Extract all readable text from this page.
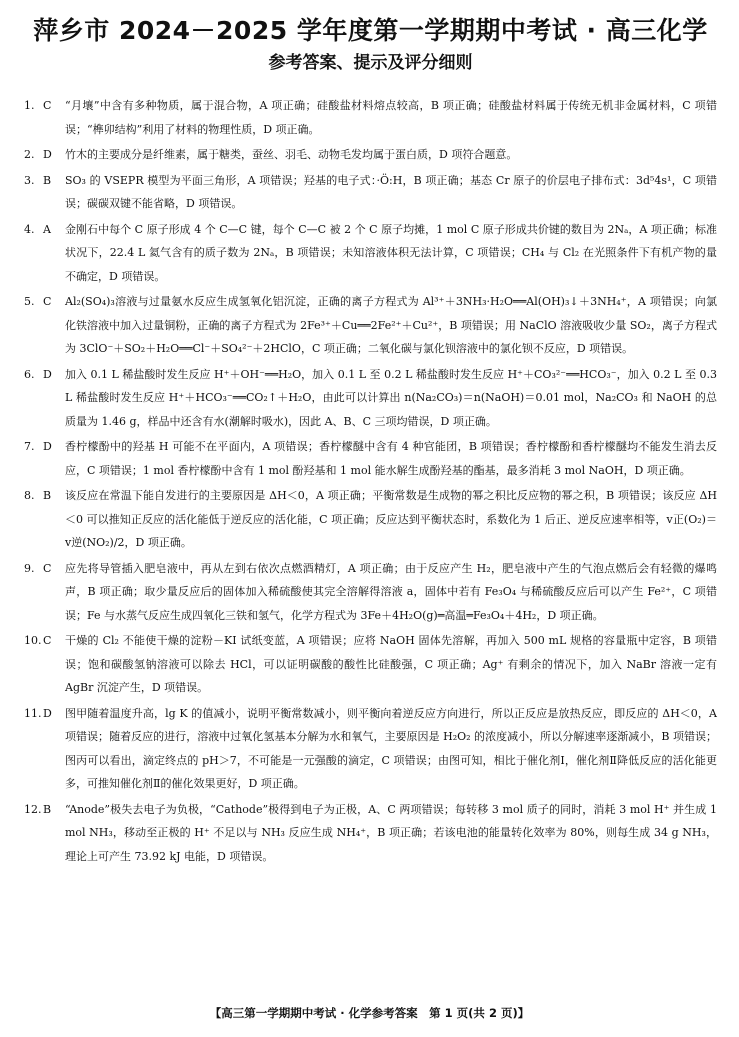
萍乡市 2024－2025 学年度第一学期期中考试 · 高三化学
参考答案、提示及评分细则
1. C	“月壤”中含有多种物质，属于混合物，A 项正确；硅酸盐材料熔点较高，B 项正确；硅酸盐材料属于传统无机非金属材料，C 项错误；“榫卯结构”利用了材料的物理性质，D 项正确。
2. D	竹木的主要成分是纤维素，属于糖类，蚕丝、羽毛、动物毛发均属于蛋白质，D 项符合题意。
3. B	SO₃ 的 VSEPR 模型为平面三角形，A 项错误；羟基的电子式：·Ö:H，B 项正确；基态 Cr 原子的价层电子排布式：3d⁵4s¹，C 项错误；碳碳双键不能省略，D 项错误。
4. A	金刚石中每个 C 原子形成 4 个 C—C 键，每个 C—C 被 2 个 C 原子均摊，1 mol C 原子形成共价键的数目为 2Nₐ，A 项正确；标准状况下，22.4 L 氦气含有的质子数为 2Nₐ，B 项错误；未知溶液体积无法计算，C 项错误；CH₄ 与 Cl₂ 在光照条件下有机产物的量不确定，D 项错误。
5. C	Al₂(SO₄)₃溶液与过量氨水反应生成氢氧化铝沉淀，正确的离子方程式为 Al³⁺＋3NH₃·H₂O══Al(OH)₃↓＋3NH₄⁺，A 项错误；向氯化铁溶液中加入过量铜粉，正确的离子方程式为 2Fe³⁺＋Cu══2Fe²⁺＋Cu²⁺，B 项错误；用 NaClO 溶液吸收少量 SO₂，离子方程式为 3ClO⁻＋SO₂＋H₂O══Cl⁻＋SO₄²⁻＋2HClO，C 项正确；二氧化碳与氯化钡溶液中的氯化钡不反应，D 项错误。
6. D	加入 0.1 L 稀盐酸时发生反应 H⁺＋OH⁻══H₂O，加入 0.1 L 至 0.2 L 稀盐酸时发生反应 H⁺＋CO₃²⁻══HCO₃⁻，加入 0.2 L 至 0.3 L 稀盐酸时发生反应 H⁺＋HCO₃⁻══CO₂↑＋H₂O，由此可以计算出 n(Na₂CO₃)＝n(NaOH)＝0.01 mol，Na₂CO₃ 和 NaOH 的总质量为 1.46 g，样品中还含有水(潮解时吸水)，因此 A、B、C 三项均错误，D 项正确。
7. D	香柠檬酚中的羟基 H 可能不在平面内，A 项错误；香柠檬醚中含有 4 种官能团，B 项错误；香柠檬酚和香柠檬醚均不能发生消去反应，C 项错误；1 mol 香柠檬酚中含有 1 mol 酚羟基和 1 mol 能水解生成酚羟基的酯基，最多消耗 3 mol NaOH，D 项正确。
8. B	该反应在常温下能自发进行的主要原因是 ΔH＜0，A 项正确；平衡常数是生成物的幂之积比反应物的幂之积，B 项错误；该反应 ΔH＜0 可以推知正反应的活化能低于逆反应的活化能，C 项正确；反应达到平衡状态时，系数化为 1 后正、逆反应速率相等，v正(O₂)＝v逆(NO₂)/2，D 项正确。
9. C	应先将导管插入肥皂液中，再从左到右依次点燃酒精灯，A 项正确；由于反应产生 H₂，肥皂液中产生的气泡点燃后会有轻微的爆鸣声，B 项正确；取少量反应后的固体加入稀硫酸使其完全溶解得溶液 a，固体中若有 Fe₃O₄ 与稀硫酸反应后可以产生 Fe²⁺，C 项错误；Fe 与水蒸气反应生成四氧化三铁和氢气，化学方程式为 3Fe＋4H₂O(g)═高温═Fe₃O₄＋4H₂，D 项正确。
10. C	干燥的 Cl₂ 不能使干燥的淀粉－KI 试纸变蓝，A 项错误；应将 NaOH 固体先溶解，再加入 500 mL 规格的容量瓶中定容，B 项错误；饱和碳酸氢钠溶液可以除去 HCl，可以证明碳酸的酸性比硅酸强，C 项正确；Ag⁺ 有剩余的情况下，加入 NaBr 溶液一定有 AgBr 沉淀产生，D 项错误。
11. D	图甲随着温度升高，lg K 的值减小，说明平衡常数减小，则平衡向着逆反应方向进行，所以正反应是放热反应，即反应的 ΔH＜0，A 项错误；随着反应的进行，溶液中过氧化氢基本分解为水和氧气，主要原因是 H₂O₂ 的浓度减小，所以分解速率逐渐减小，B 项错误；图丙可以看出，滴定终点的 pH＞7，不可能是一元强酸的滴定，C 项错误；由图可知，相比于催化剂Ⅰ，催化剂Ⅱ降低反应的活化能更多，可推知催化剂Ⅱ的催化效果更好，D 项正确。
12. B	“Anode”极失去电子为负极，“Cathode”极得到电子为正极，A、C 两项错误；每转移 3 mol 质子的同时，消耗 3 mol H⁺ 并生成 1 mol NH₃，移动至正极的 H⁺ 不足以与 NH₃ 反应生成 NH₄⁺，B 项正确；若该电池的能量转化效率为 80%，则每生成 34 g NH₃，理论上可产生 73.92 kJ 电能，D 项错误。
【高三第一学期期中考试 · 化学参考答案　第 1 页(共 2 页)】
